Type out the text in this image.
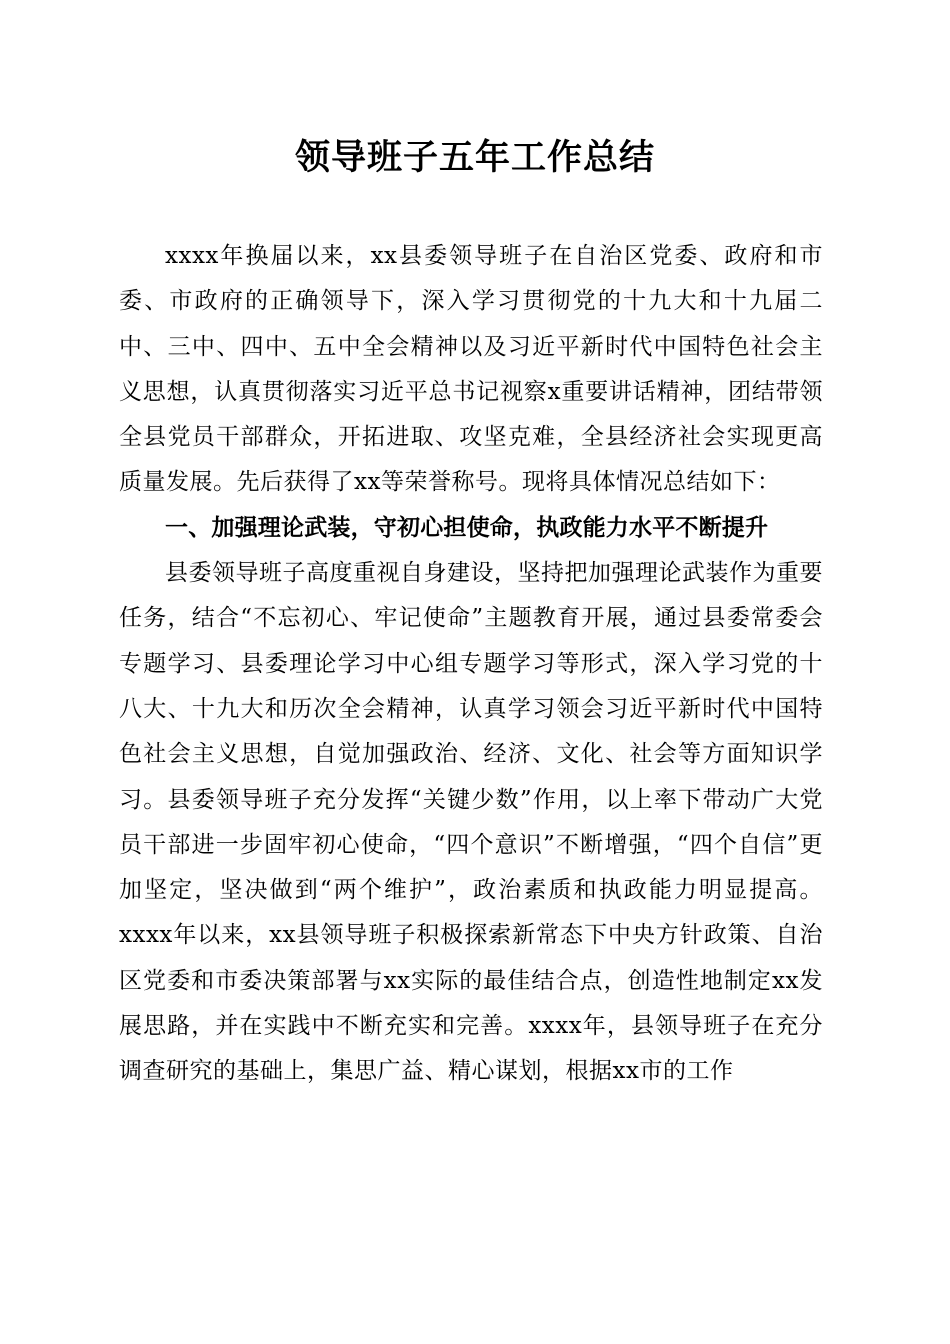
领导班子五年工作总结

xxxx年换届以来，xx县委领导班子在自治区党委、政府和市委、市政府的正确领导下，深入学习贯彻党的十九大和十九届二中、三中、四中、五中全会精神以及习近平新时代中国特色社会主义思想，认真贯彻落实习近平总书记视察x重要讲话精神，团结带领全县党员干部群众，开拓进取、攻坚克难，全县经济社会实现更高质量发展。先后获得了xx等荣誉称号。现将具体情况总结如下：

一、加强理论武装，守初心担使命，执政能力水平不断提升

县委领导班子高度重视自身建设，坚持把加强理论武装作为重要任务，结合“不忘初心、牢记使命”主题教育开展，通过县委常委会专题学习、县委理论学习中心组专题学习等形式，深入学习党的十八大、十九大和历次全会精神，认真学习领会习近平新时代中国特色社会主义思想，自觉加强政治、经济、文化、社会等方面知识学习。县委领导班子充分发挥“关键少数”作用，以上率下带动广大党员干部进一步固牢初心使命，“四个意识”不断增强，“四个自信”更加坚定，坚决做到“两个维护”，政治素质和执政能力明显提高。xxxx年以来，xx县领导班子积极探索新常态下中央方针政策、自治区党委和市委决策部署与xx实际的最佳结合点，创造性地制定xx发展思路，并在实践中不断充实和完善。xxxx年，县领导班子在充分调查研究的基础上，集思广益、精心谋划，根据xx市的工作
